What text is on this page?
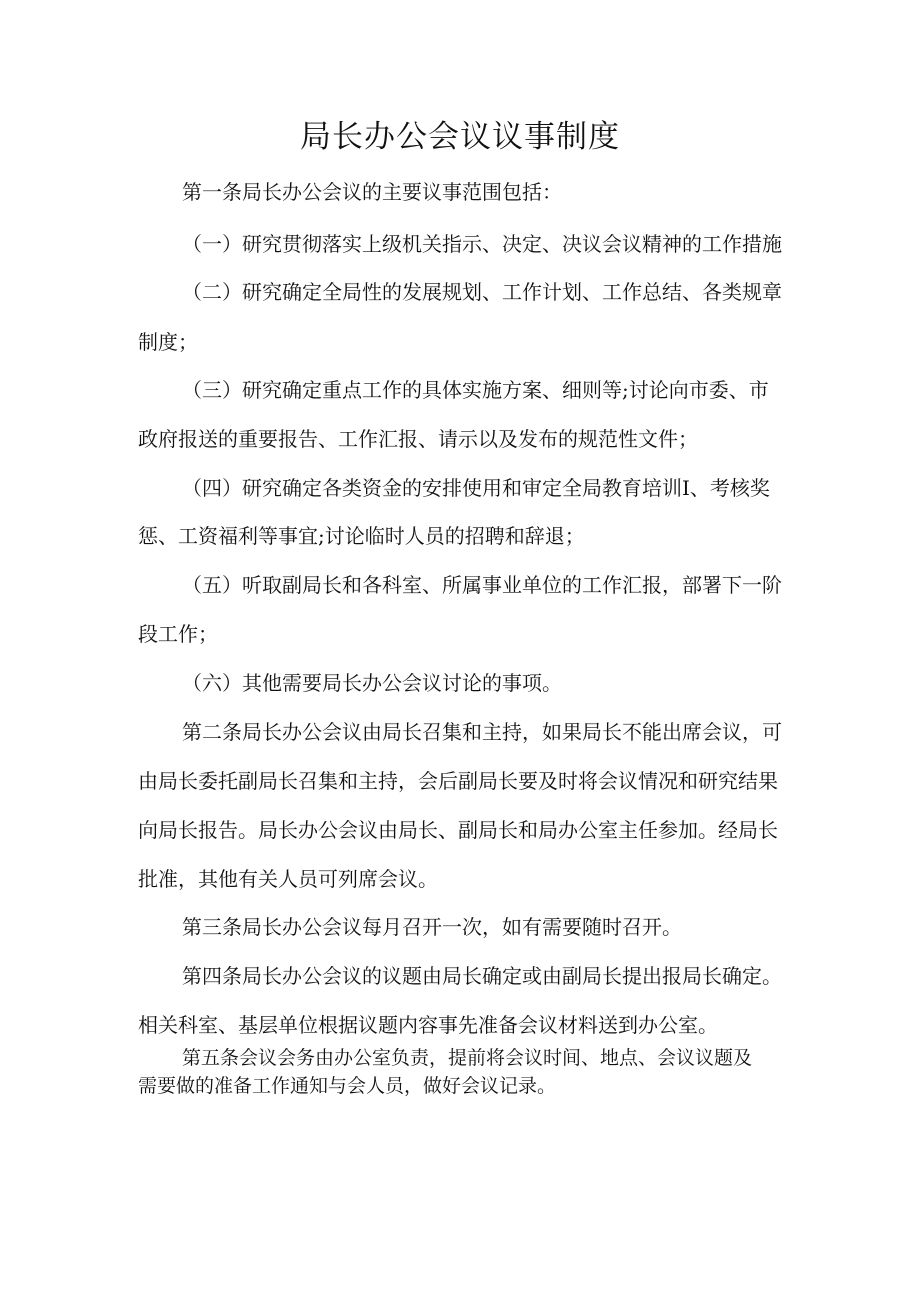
局长办公会议议事制度
第一条局长办公会议的主要议事范围包括：
（一）研究贯彻落实上级机关指示、决定、决议会议精神的工作措施
（二）研究确定全局性的发展规划、工作计划、工作总结、各类规章
制度；
（三）研究确定重点工作的具体实施方案、细则等;讨论向市委、市
政府报送的重要报告、工作汇报、请示以及发布的规范性文件；
（四）研究确定各类资金的安排使用和审定全局教育培训Ⅰ、考核奖
惩、工资福利等事宜;讨论临时人员的招聘和辞退；
（五）听取副局长和各科室、所属事业单位的工作汇报，部署下一阶
段工作；
（六）其他需要局长办公会议讨论的事项。
第二条局长办公会议由局长召集和主持，如果局长不能出席会议，可
由局长委托副局长召集和主持，会后副局长要及时将会议情况和研究结果
向局长报告。局长办公会议由局长、副局长和局办公室主任参加。经局长
批准，其他有关人员可列席会议。
第三条局长办公会议每月召开一次，如有需要随时召开。
第四条局长办公会议的议题由局长确定或由副局长提出报局长确定。
相关科室、基层单位根据议题内容事先准备会议材料送到办公室。
第五条会议会务由办公室负责，提前将会议时间、地点、会议议题及
需要做的准备工作通知与会人员，做好会议记录。
